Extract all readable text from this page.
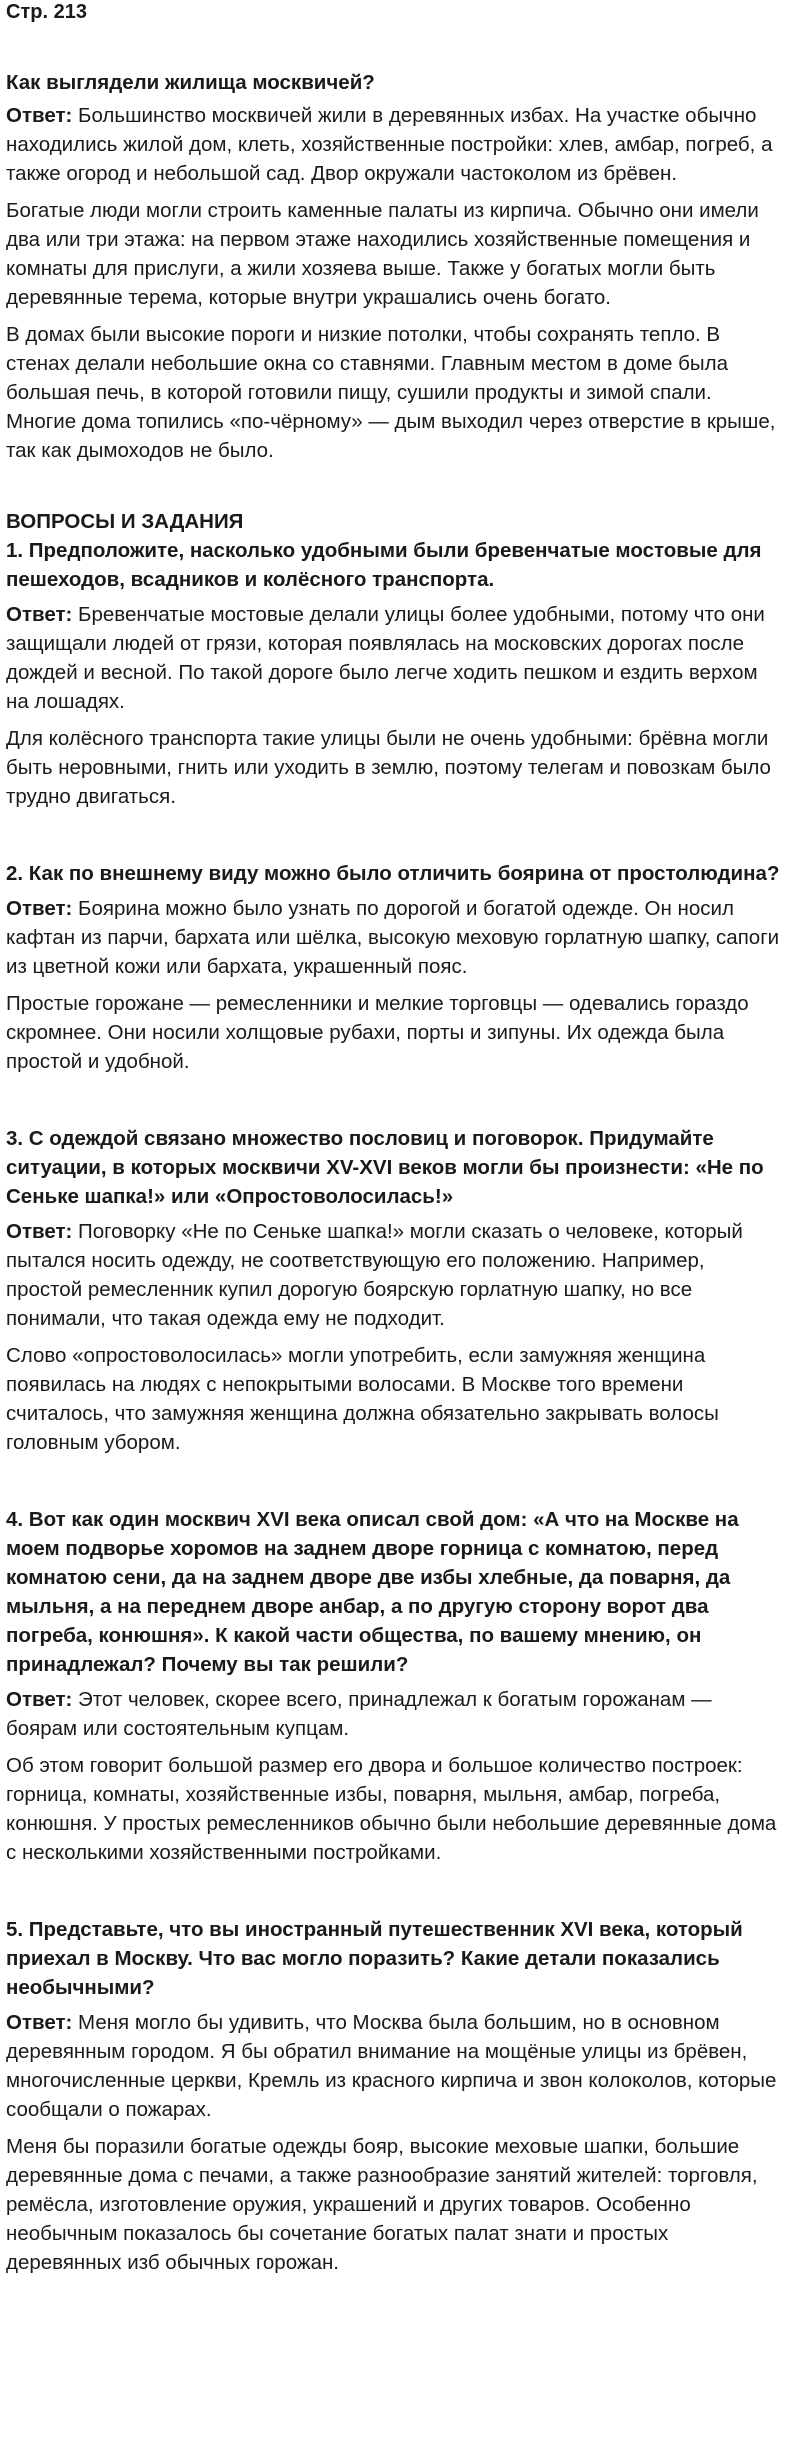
Стр. 213

Как выглядели жилища москвичей?

Ответ: Большинство москвичей жили в деревянных избах. На участке обычно находились жилой дом, клеть, хозяйственные постройки: хлев, амбар, погреб, а также огород и небольшой сад. Двор окружали частоколом из брёвен.

Богатые люди могли строить каменные палаты из кирпича. Обычно они имели два или три этажа: на первом этаже находились хозяйственные помещения и комнаты для прислуги, а жили хозяева выше. Также у богатых могли быть деревянные терема, которые внутри украшались очень богато.

В домах были высокие пороги и низкие потолки, чтобы сохранять тепло. В стенах делали небольшие окна со ставнями. Главным местом в доме была большая печь, в которой готовили пищу, сушили продукты и зимой спали. Многие дома топились «по-чёрному» — дым выходил через отверстие в крыше, так как дымоходов не было.

ВОПРОСЫ И ЗАДАНИЯ

1. Предположите, насколько удобными были бревенчатые мостовые для пешеходов, всадников и колёсного транспорта.

Ответ: Бревенчатые мостовые делали улицы более удобными, потому что они защищали людей от грязи, которая появлялась на московских дорогах после дождей и весной. По такой дороге было легче ходить пешком и ездить верхом на лошадях.

Для колёсного транспорта такие улицы были не очень удобными: брёвна могли быть неровными, гнить или уходить в землю, поэтому телегам и повозкам было трудно двигаться.

2. Как по внешнему виду можно было отличить боярина от простолюдина?

Ответ: Боярина можно было узнать по дорогой и богатой одежде. Он носил кафтан из парчи, бархата или шёлка, высокую меховую горлатную шапку, сапоги из цветной кожи или бархата, украшенный пояс.

Простые горожане — ремесленники и мелкие торговцы — одевались гораздо скромнее. Они носили холщовые рубахи, порты и зипуны. Их одежда была простой и удобной.

3. С одеждой связано множество пословиц и поговорок. Придумайте ситуации, в которых москвичи XV-XVI веков могли бы произнести: «Не по Сеньке шапка!» или «Опростоволосилась!»

Ответ: Поговорку «Не по Сеньке шапка!» могли сказать о человеке, который пытался носить одежду, не соответствующую его положению. Например, простой ремесленник купил дорогую боярскую горлатную шапку, но все понимали, что такая одежда ему не подходит.

Слово «опростоволосилась» могли употребить, если замужняя женщина появилась на людях с непокрытыми волосами. В Москве того времени считалось, что замужняя женщина должна обязательно закрывать волосы головным убором.

4. Вот как один москвич XVI века описал свой дом: «А что на Москве на моем подворье хоромов на заднем дворе горница с комнатою, перед комнатою сени, да на заднем дворе две избы хлебные, да поварня, да мыльня, а на переднем дворе анбар, а по другую сторону ворот два погреба, конюшня». К какой части общества, по вашему мнению, он принадлежал? Почему вы так решили?

Ответ: Этот человек, скорее всего, принадлежал к богатым горожанам — боярам или состоятельным купцам.

Об этом говорит большой размер его двора и большое количество построек: горница, комнаты, хозяйственные избы, поварня, мыльня, амбар, погреба, конюшня. У простых ремесленников обычно были небольшие деревянные дома с несколькими хозяйственными постройками.

5. Представьте, что вы иностранный путешественник XVI века, который приехал в Москву. Что вас могло поразить? Какие детали показались необычными?

Ответ: Меня могло бы удивить, что Москва была большим, но в основном деревянным городом. Я бы обратил внимание на мощёные улицы из брёвен, многочисленные церкви, Кремль из красного кирпича и звон колоколов, которые сообщали о пожарах.

Меня бы поразили богатые одежды бояр, высокие меховые шапки, большие деревянные дома с печами, а также разнообразие занятий жителей: торговля, ремёсла, изготовление оружия, украшений и других товаров. Особенно необычным показалось бы сочетание богатых палат знати и простых деревянных изб обычных горожан.
